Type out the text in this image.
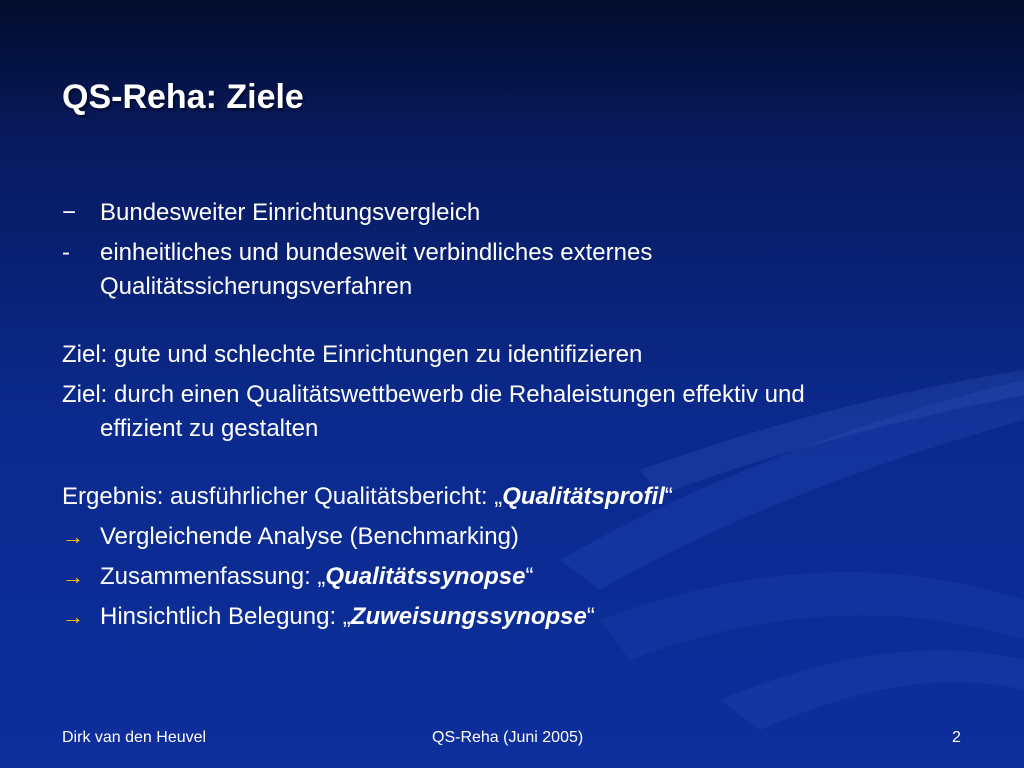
QS-Reha: Ziele
− Bundesweiter Einrichtungsvergleich
-	einheitliches und bundesweit verbindliches externes
Qualitätssicherungsverfahren
Ziel: gute und schlechte Einrichtungen zu identifizieren
Ziel: durch einen Qualitätswettbewerb die Rehaleistungen effektiv und
effizient zu gestalten
Ergebnis: ausführlicher Qualitätsbericht: „Qualitätsprofil“
→ Vergleichende Analyse (Benchmarking)
→ Zusammenfassung: „Qualitätssynopse“
→ Hinsichtlich Belegung: „Zuweisungssynopse“
Dirk van den Heuvel	QS-Reha (Juni 2005)	2
